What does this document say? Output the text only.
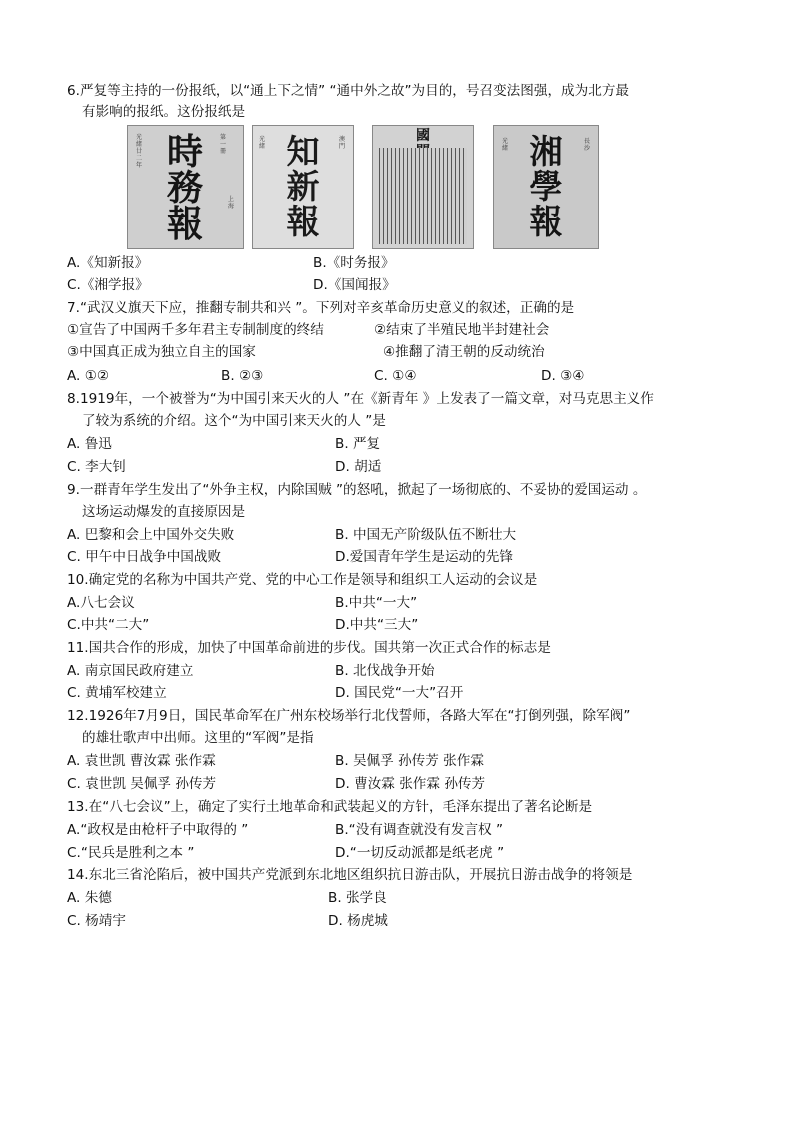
6.严复等主持的一份报纸，以“通上下之情” “通中外之故”为目的，号召变法图强，成为北方最
有影响的报纸。这份报纸是
光
緒
廿
二
年
第
一
冊
時
務
報
上
海
知
新
報
光
緒
澳
門
國	湘
學
報
光
緒
長
沙
A.《知新报》	B.《时务报》
C.《湘学报》	D.《国闻报》
7.“武汉义旗天下应，推翻专制共和兴 ”。下列对辛亥革命历史意义的叙述，正确的是
①宣告了中国两千多年君主专制制度的终结	②结束了半殖民地半封建社会
③中国真正成为独立自主的国家	④推翻了清王朝的反动统治
A. ①②	B. ②③	C. ①④	D. ③④
8.1919年，一个被誉为“为中国引来天火的人 ”在《新青年 》上发表了一篇文章，对马克思主义作
了较为系统的介绍。这个“为中国引来天火的人 ”是
A. 鲁迅	B. 严复
C. 李大钊	D. 胡适
9.一群青年学生发出了“外争主权，内除国贼 ”的怒吼，掀起了一场彻底的、不妥协的爱国运动 。
这场运动爆发的直接原因是
A. 巴黎和会上中国外交失败	B. 中国无产阶级队伍不断壮大
C. 甲午中日战争中国战败	D.爱国青年学生是运动的先锋
10.确定党的名称为中国共产党、党的中心工作是领导和组织工人运动的会议是
A.八七会议	B.中共“一大”
C.中共“二大”	D.中共“三大”
11.国共合作的形成，加快了中国革命前进的步伐。国共第一次正式合作的标志是
A. 南京国民政府建立	B. 北伐战争开始
C. 黄埔军校建立	D. 国民党“一大”召开
12.1926年7月9日，国民革命军在广州东校场举行北伐誓师，各路大军在“打倒列强，除军阀”
的雄壮歌声中出师。这里的“军阀”是指
A. 袁世凯 曹汝霖 张作霖	B. 吴佩孚 孙传芳 张作霖
C. 袁世凯 吴佩孚 孙传芳	D. 曹汝霖 张作霖 孙传芳
13.在“八七会议”上，确定了实行土地革命和武装起义的方针，毛泽东提出了著名论断是
A.“政权是由枪杆子中取得的 ”	B.“没有调查就没有发言权 ”
C.“民兵是胜利之本 ”	D.“一切反动派都是纸老虎 ”
14.东北三省沦陷后，被中国共产党派到东北地区组织抗日游击队，开展抗日游击战争的将领是
A. 朱德	B. 张学良
C. 杨靖宇	D. 杨虎城
